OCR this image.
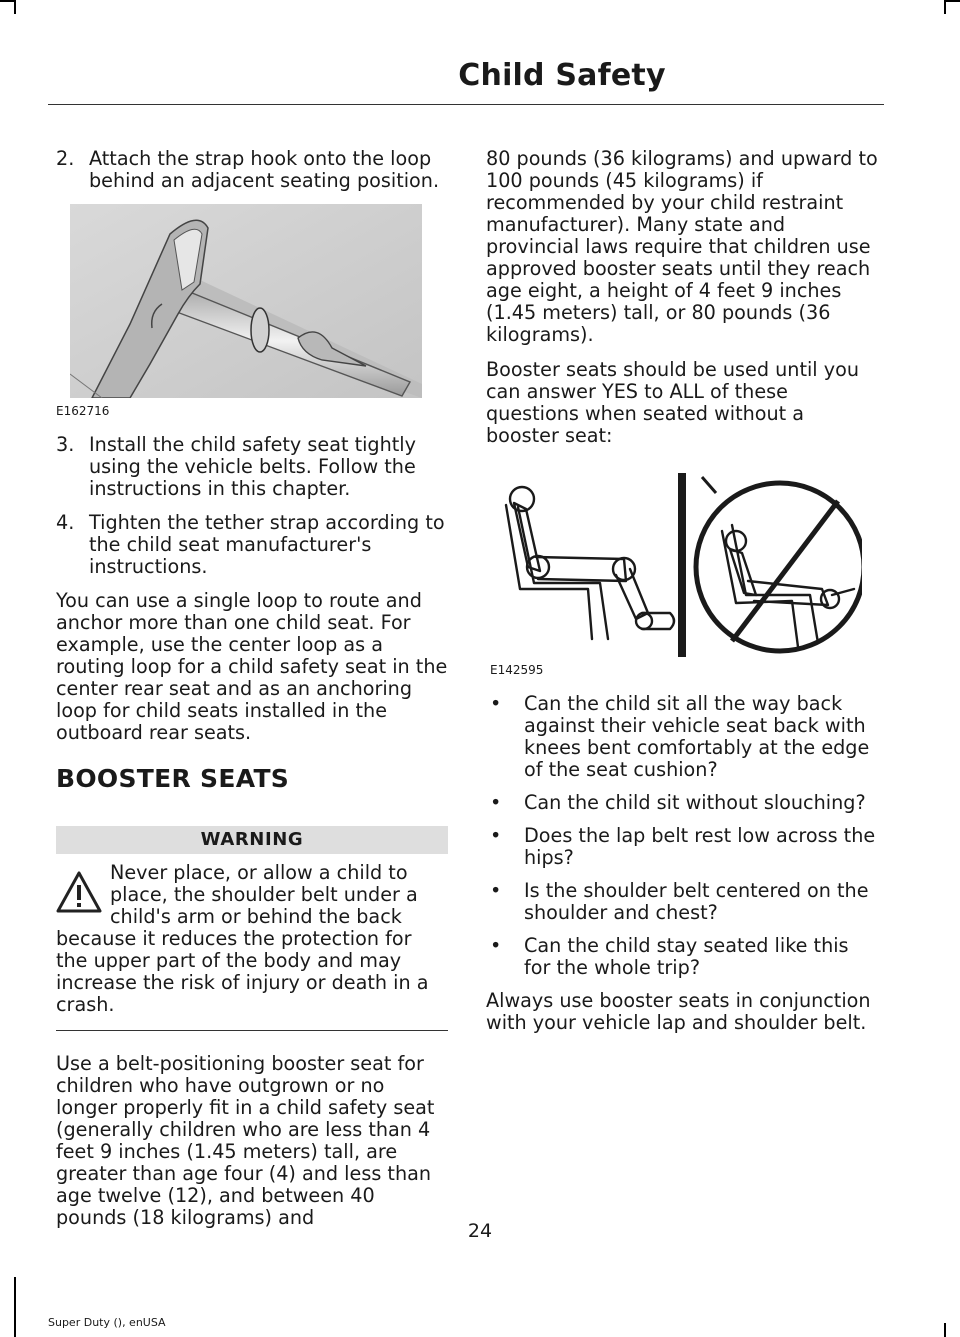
Child Safety
2. Attach the strap hook onto the loop behind an adjacent seating position.
E162716
3. Install the child safety seat tightly using the vehicle belts. Follow the instructions in this chapter.
4. Tighten the tether strap according to the child seat manufacturer's instructions.

You can use a single loop to route and anchor more than one child seat. For example, use the center loop as a routing loop for a child safety seat in the center rear seat and as an anchoring loop for child seats installed in the outboard rear seats.

BOOSTER SEATS
WARNING
Never place, or allow a child to place, the shoulder belt under a child's arm or behind the back because it reduces the protection for the upper part of the body and may increase the risk of injury or death in a crash.

Use a belt-positioning booster seat for children who have outgrown or no longer properly fit in a child safety seat (generally children who are less than 4 feet 9 inches (1.45 meters) tall, are greater than age four (4) and less than age twelve (12), and between 40 pounds (18 kilograms) and

80 pounds (36 kilograms) and upward to 100 pounds (45 kilograms) if recommended by your child restraint manufacturer). Many state and provincial laws require that children use approved booster seats until they reach age eight, a height of 4 feet 9 inches (1.45 meters) tall, or 80 pounds (36 kilograms).

Booster seats should be used until you can answer YES to ALL of these questions when seated without a booster seat:

E142595
•	Can the child sit all the way back against their vehicle seat back with knees bent comfortably at the edge of the seat cushion?
•	Can the child sit without slouching?
•	Does the lap belt rest low across the hips?
•	Is the shoulder belt centered on the shoulder and chest?
•	Can the child stay seated like this for the whole trip?

Always use booster seats in conjunction with your vehicle lap and shoulder belt.

24
Super Duty (), enUSA
